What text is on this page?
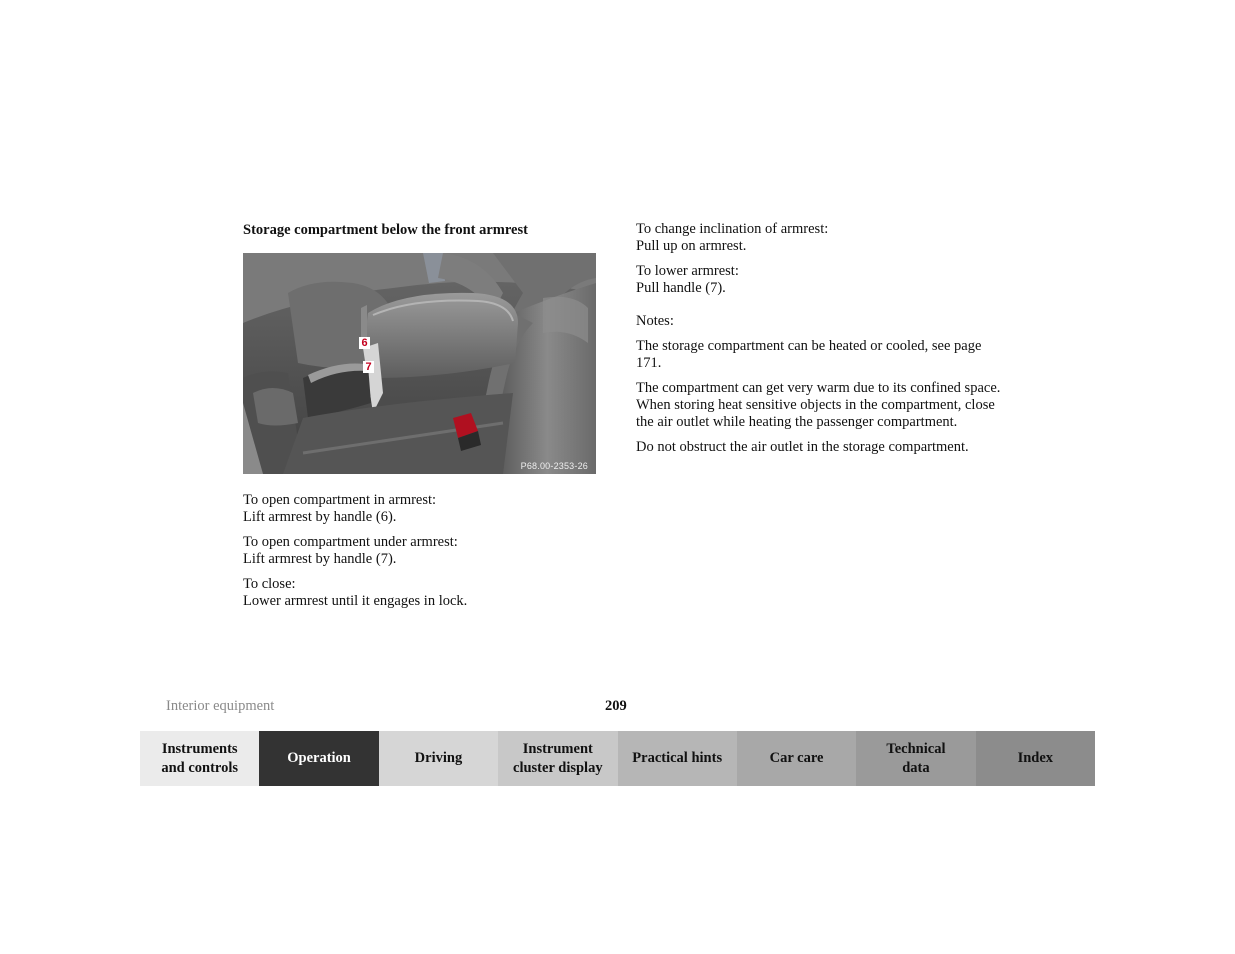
Storage compartment below the front armrest
6
7
P68.00-2353-26

To open compartment in armrest:
Lift armrest by handle (6).

To open compartment under armrest:
Lift armrest by handle (7).

To close:
Lower armrest until it engages in lock.

To change inclination of armrest:
Pull up on armrest.

To lower armrest:
Pull handle (7).

Notes:

The storage compartment can be heated or cooled, see page 171.

The compartment can get very warm due to its confined space. When storing heat sensitive objects in the compartment, close the air outlet while heating the passenger compartment.

Do not obstruct the air outlet in the storage compartment.

Interior equipment	209
Instruments
and controls
Operation	Driving
Instrument
cluster display
Practical hints	Car care
Technical
data
Index
